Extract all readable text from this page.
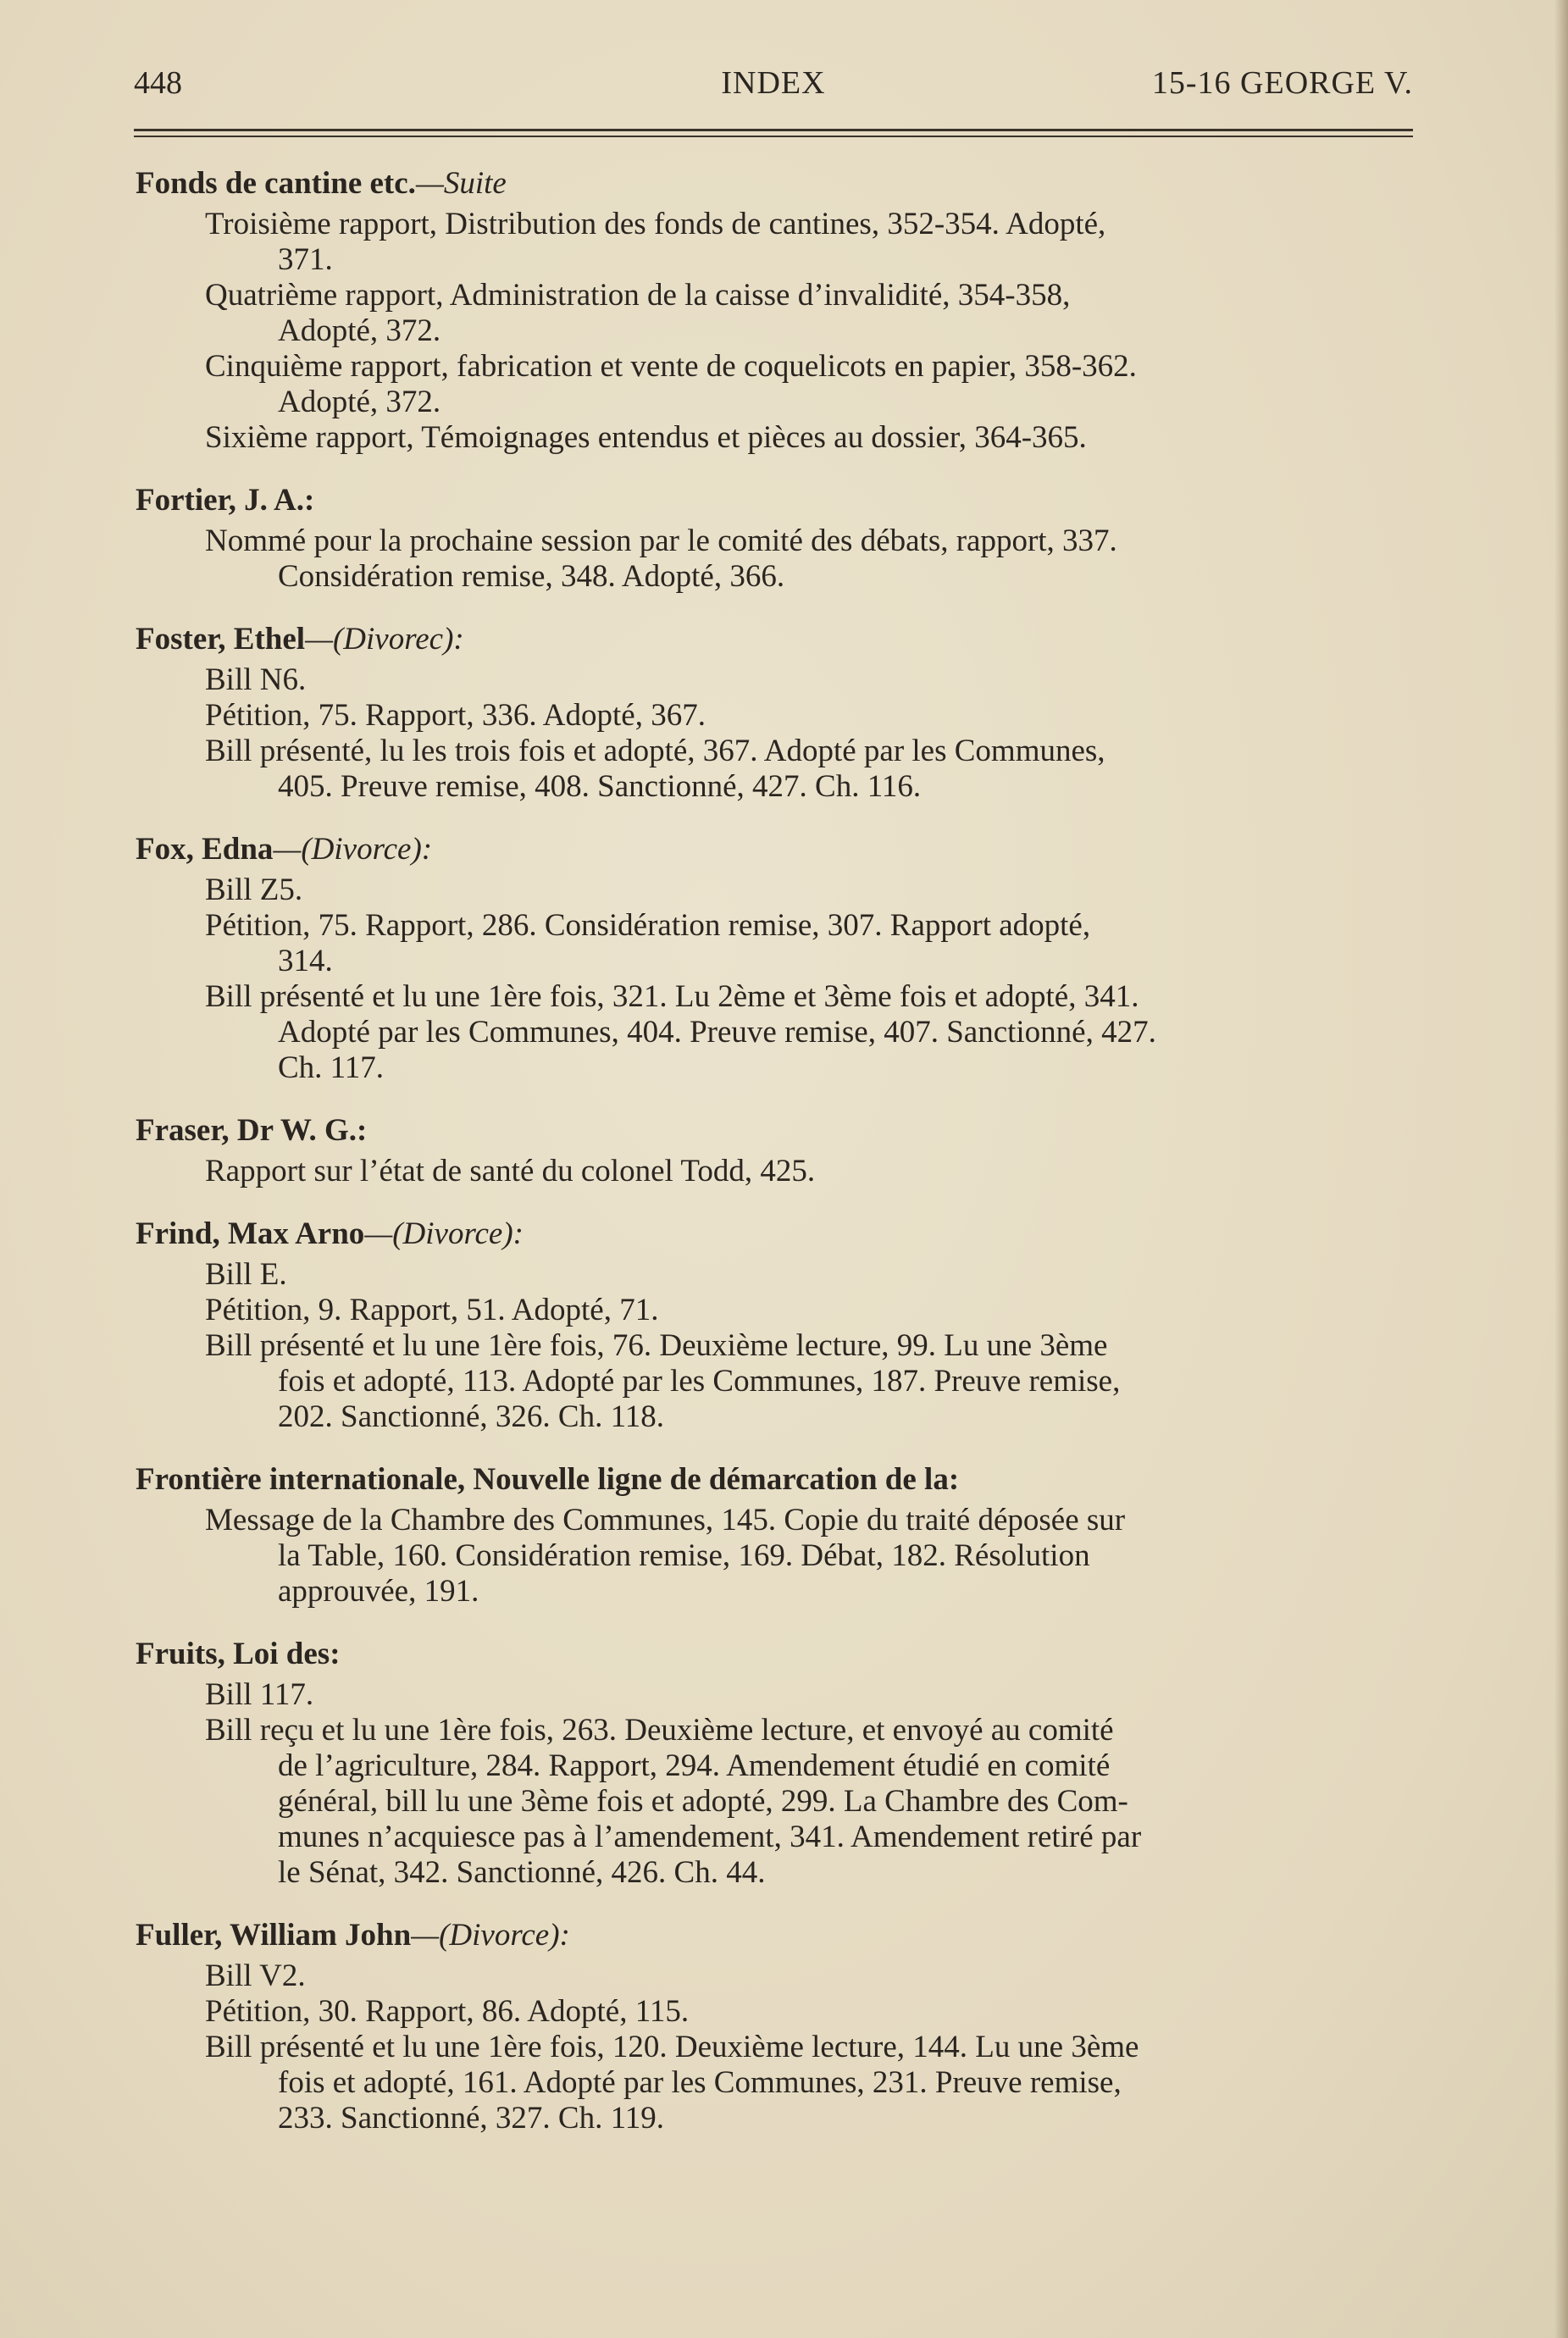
448	INDEX	15-16 GEORGE V.
Fonds de cantine etc.—Suite
Troisième rapport, Distribution des fonds de cantines, 352-354. Adopté,
371.
Quatrième rapport, Administration de la caisse d’invalidité, 354-358,
Adopté, 372.
Cinquième rapport, fabrication et vente de coquelicots en papier, 358-362.
Adopté, 372.
Sixième rapport, Témoignages entendus et pièces au dossier, 364-365.
Fortier, J. A.:
Nommé pour la prochaine session par le comité des débats, rapport, 337.
Considération remise, 348. Adopté, 366.
Foster, Ethel—(Divorec):
Bill N6.
Pétition, 75. Rapport, 336. Adopté, 367.
Bill présenté, lu les trois fois et adopté, 367. Adopté par les Communes,
405. Preuve remise, 408. Sanctionné, 427. Ch. 116.
Fox, Edna—(Divorce):
Bill Z5.
Pétition, 75. Rapport, 286. Considération remise, 307. Rapport adopté,
314.
Bill présenté et lu une 1ère fois, 321. Lu 2ème et 3ème fois et adopté, 341.
Adopté par les Communes, 404. Preuve remise, 407. Sanctionné, 427.
Ch. 117.
Fraser, Dr W. G.:
Rapport sur l’état de santé du colonel Todd, 425.
Frind, Max Arno—(Divorce):
Bill E.
Pétition, 9. Rapport, 51. Adopté, 71.
Bill présenté et lu une 1ère fois, 76. Deuxième lecture, 99. Lu une 3ème
fois et adopté, 113. Adopté par les Communes, 187. Preuve remise,
202. Sanctionné, 326. Ch. 118.
Frontière internationale, Nouvelle ligne de démarcation de la:
Message de la Chambre des Communes, 145. Copie du traité déposée sur
la Table, 160. Considération remise, 169. Débat, 182. Résolution
approuvée, 191.
Fruits, Loi des:
Bill 117.
Bill reçu et lu une 1ère fois, 263. Deuxième lecture, et envoyé au comité
de l’agriculture, 284. Rapport, 294. Amendement étudié en comité
général, bill lu une 3ème fois et adopté, 299. La Chambre des Com-
munes n’acquiesce pas à l’amendement, 341. Amendement retiré par
le Sénat, 342. Sanctionné, 426. Ch. 44.
Fuller, William John—(Divorce):
Bill V2.
Pétition, 30. Rapport, 86. Adopté, 115.
Bill présenté et lu une 1ère fois, 120. Deuxième lecture, 144. Lu une 3ème
fois et adopté, 161. Adopté par les Communes, 231. Preuve remise,
233. Sanctionné, 327. Ch. 119.
